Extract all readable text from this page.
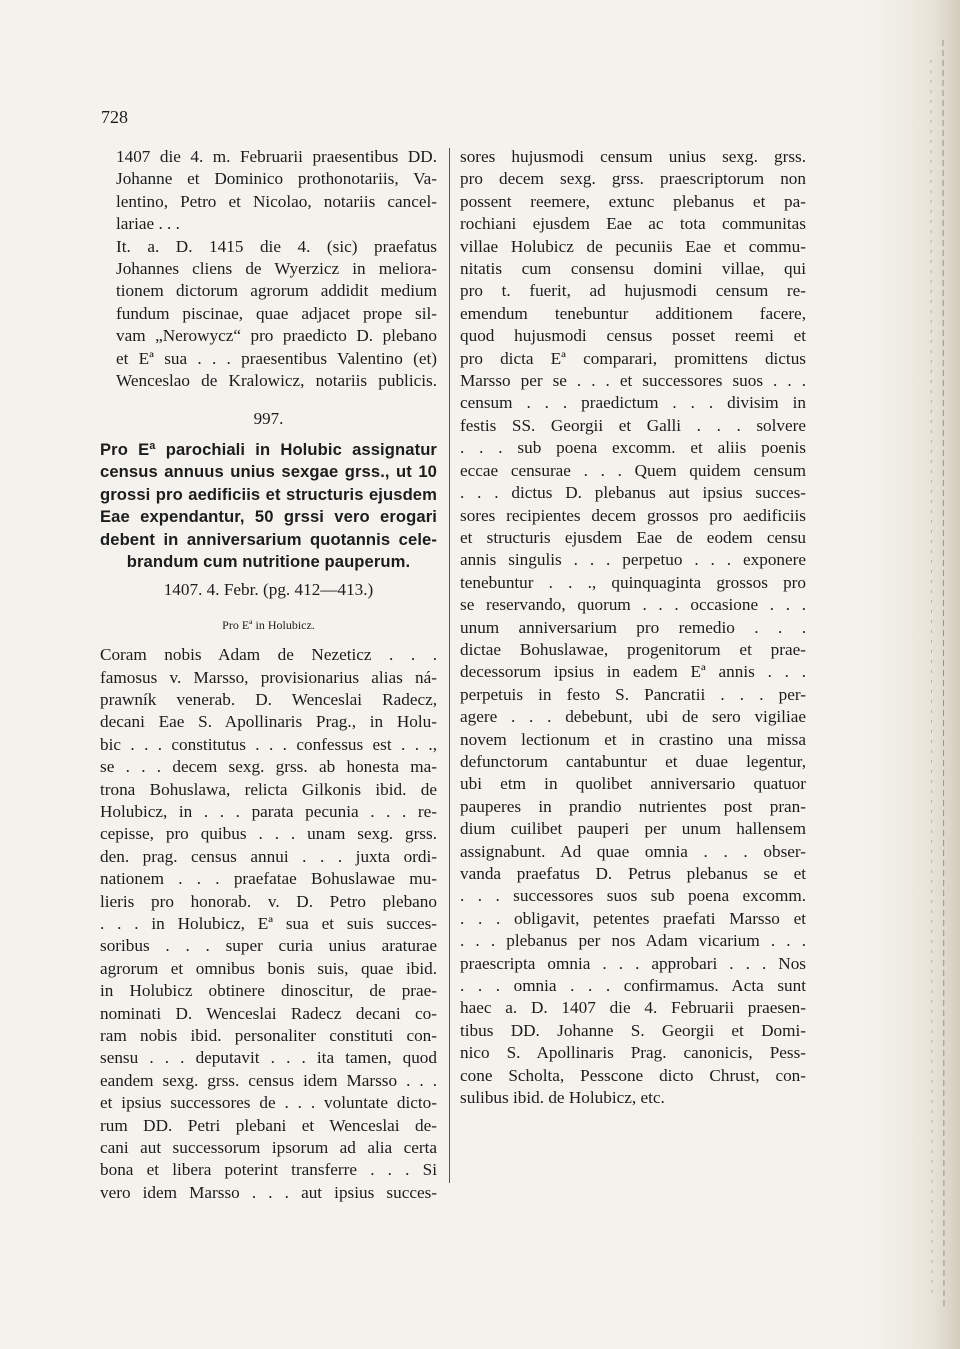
728
1407 die 4. m. Februarii praesentibus DD.
Johanne et Dominico prothonotariis, Va-
lentino, Petro et Nicolao, notariis cancel-
lariae . . .
It. a. D. 1415 die 4. (sic) praefatus
Johannes cliens de Wyerzicz in meliora-
tionem dictorum agrorum addidit medium
fundum piscinae, quae adjacet prope sil-
vam „Nerowycz“ pro praedicto D. plebano
et Eª sua . . . praesentibus Valentino (et)
Wenceslao de Kralowicz, notariis publicis.
997.
Pro Eª parochiali in Holubic assignatur
census annuus unius sexgae grss., ut 10
grossi pro aedificiis et structuris ejusdem
Eae expendantur, 50 grssi vero erogari
debent in anniversarium quotannis cele-
brandum cum nutritione pauperum.
1407. 4. Febr. (pg. 412—413.)
Pro Eª in Holubicz.
Coram nobis Adam de Nezeticz . . .
famosus v. Marsso, provisionarius alias ná-
prawník venerab. D. Wenceslai Radecz,
decani Eae S. Apollinaris Prag., in Holu-
bic . . . constitutus . . . confessus est . . .,
se . . . decem sexg. grss. ab honesta ma-
trona Bohuslawa, relicta Gilkonis ibid. de
Holubicz, in . . . parata pecunia . . . re-
cepisse, pro quibus . . . unam sexg. grss.
den. prag. census annui . . . juxta ordi-
nationem . . . praefatae Bohuslawae mu-
lieris pro honorab. v. D. Petro plebano
. . . in Holubicz, Eª sua et suis succes-
soribus . . . super curia unius araturae
agrorum et omnibus bonis suis, quae ibid.
in Holubicz obtinere dinoscitur, de prae-
nominati D. Wenceslai Radecz decani co-
ram nobis ibid. personaliter constituti con-
sensu . . . deputavit . . . ita tamen, quod
eandem sexg. grss. census idem Marsso . . .
et ipsius successores de . . . voluntate dicto-
rum DD. Petri plebani et Wenceslai de-
cani aut successorum ipsorum ad alia certa
bona et libera poterint transferre . . . Si
vero idem Marsso . . . aut ipsius succes-
sores hujusmodi censum unius sexg. grss.
pro decem sexg. grss. praescriptorum non
possent reemere, extunc plebanus et pa-
rochiani ejusdem Eae ac tota communitas
villae Holubicz de pecuniis Eae et commu-
nitatis cum consensu domini villae, qui
pro t. fuerit, ad hujusmodi censum re-
emendum tenebuntur additionem facere,
quod hujusmodi census posset reemi et
pro dicta Eª comparari, promittens dictus
Marsso per se . . . et successores suos . . .
censum . . . praedictum . . . divisim in
festis SS. Georgii et Galli . . . solvere
. . . sub poena excomm. et aliis poenis
eccae censurae . . . Quem quidem censum
. . . dictus D. plebanus aut ipsius succes-
sores recipientes decem grossos pro aedificiis
et structuris ejusdem Eae de eodem censu
annis singulis . . . perpetuo . . . exponere
tenebuntur . . ., quinquaginta grossos pro
se reservando, quorum . . . occasione . . .
unum anniversarium pro remedio . . .
dictae Bohuslawae, progenitorum et prae-
decessorum ipsius in eadem Eª annis . . .
perpetuis in festo S. Pancratii . . . per-
agere . . . debebunt, ubi de sero vigiliae
novem lectionum et in crastino una missa
defunctorum cantabuntur et duae legentur,
ubi etm in quolibet anniversario quatuor
pauperes in prandio nutrientes post pran-
dium cuilibet pauperi per unum hallensem
assignabunt. Ad quae omnia . . . obser-
vanda praefatus D. Petrus plebanus se et
. . . successores suos sub poena excomm.
. . . obligavit, petentes praefati Marsso et
. . . plebanus per nos Adam vicarium . . .
praescripta omnia . . . approbari . . . Nos
. . . omnia . . . confirmamus. Acta sunt
haec a. D. 1407 die 4. Februarii praesen-
tibus DD. Johanne S. Georgii et Domi-
nico S. Apollinaris Prag. canonicis, Pess-
cone Scholta, Pesscone dicto Chrust, con-
sulibus ibid. de Holubicz, etc.
